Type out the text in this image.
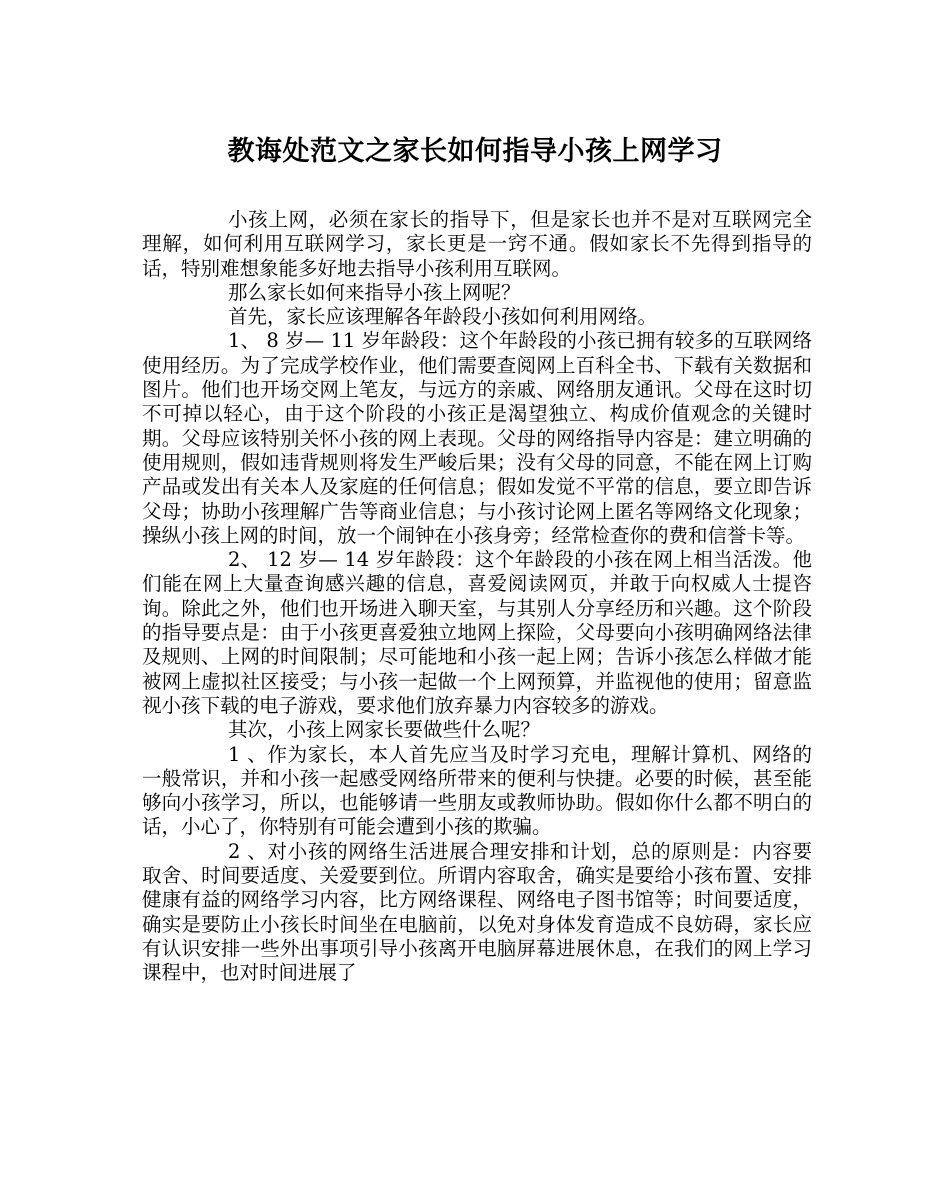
教诲处范文之家长如何指导小孩上网学习

小孩上网，必须在家长的指导下，但是家长也并不是对互联网完全理解，如何利用互联网学习，家长更是一窍不通。假如家长不先得到指导的话，特别难想象能多好地去指导小孩利用互联网。

那么家长如何来指导小孩上网呢？

首先，家长应该理解各年龄段小孩如何利用网络。

1、 8 岁— 11 岁年龄段：这个年龄段的小孩已拥有较多的互联网络使用经历。为了完成学校作业，他们需要查阅网上百科全书、下载有关数据和图片。他们也开场交网上笔友，与远方的亲戚、网络朋友通讯。父母在这时切不可掉以轻心，由于这个阶段的小孩正是渴望独立、构成价值观念的关键时期。父母应该特别关怀小孩的网上表现。父母的网络指导内容是：建立明确的使用规则，假如违背规则将发生严峻后果；没有父母的同意，不能在网上订购产品或发出有关本人及家庭的任何信息；假如发觉不平常的信息，要立即告诉父母；协助小孩理解广告等商业信息；与小孩讨论网上匿名等网络文化现象；操纵小孩上网的时间，放一个闹钟在小孩身旁；经常检查你的费和信誉卡等。

2、 12 岁— 14 岁年龄段：这个年龄段的小孩在网上相当活泼。他们能在网上大量查询感兴趣的信息，喜爱阅读网页，并敢于向权威人士提咨询。除此之外，他们也开场进入聊天室，与其别人分享经历和兴趣。这个阶段的指导要点是：由于小孩更喜爱独立地网上探险，父母要向小孩明确网络法律及规则、上网的时间限制；尽可能地和小孩一起上网；告诉小孩怎么样做才能被网上虚拟社区接受；与小孩一起做一个上网预算，并监视他的使用；留意监视小孩下载的电子游戏，要求他们放弃暴力内容较多的游戏。

其次，小孩上网家长要做些什么呢？

1 、作为家长，本人首先应当及时学习充电，理解计算机、网络的一般常识，并和小孩一起感受网络所带来的便利与快捷。必要的时候，甚至能够向小孩学习，所以，也能够请一些朋友或教师协助。假如你什么都不明白的话，小心了，你特别有可能会遭到小孩的欺骗。

2 、对小孩的网络生活进展合理安排和计划，总的原则是：内容要取舍、时间要适度、关爱要到位。所谓内容取舍，确实是要给小孩布置、安排健康有益的网络学习内容，比方网络课程、网络电子图书馆等；时间要适度，确实是要防止小孩长时间坐在电脑前，以免对身体发育造成不良妨碍，家长应有认识安排一些外出事项引导小孩离开电脑屏幕进展休息，在我们的网上学习课程中，也对时间进展了
